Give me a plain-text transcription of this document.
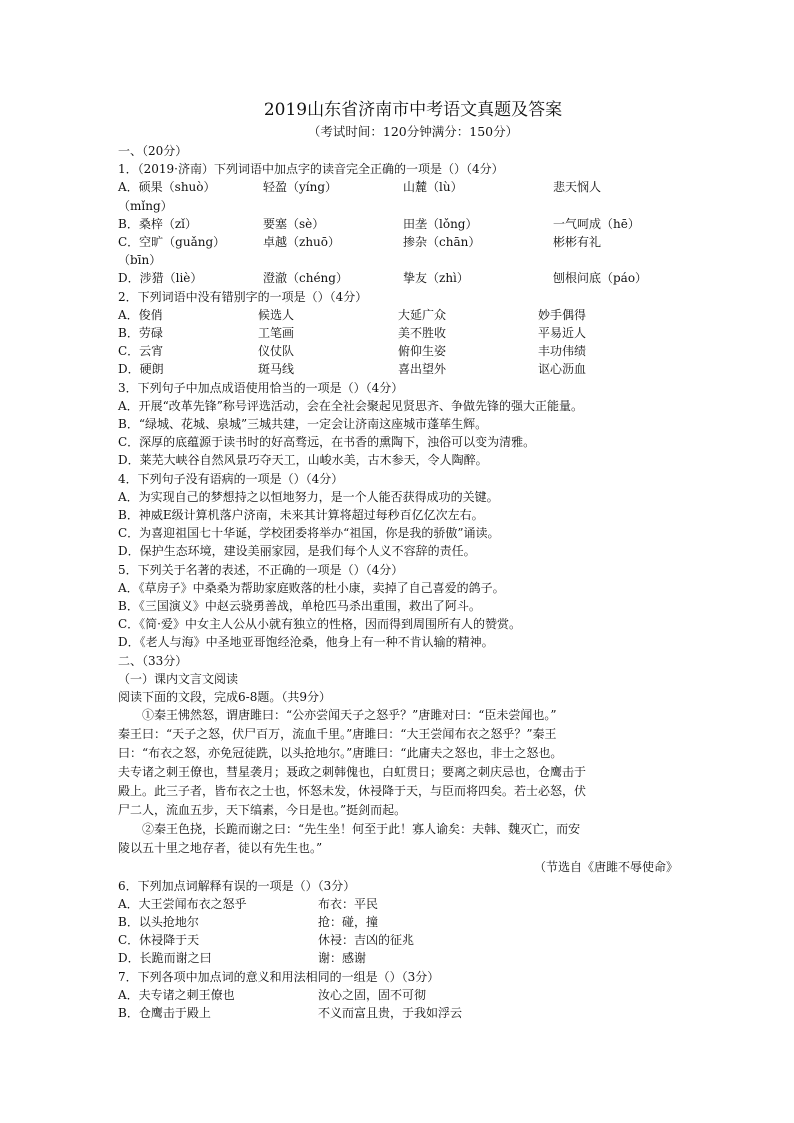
2019山东省济南市中考语文真题及答案
（考试时间：120分钟满分：150分）
一、（20分）
1．（2019·济南）下列词语中加点字的读音完全正确的一项是（）（4分）
A．硕果（shuò）	轻盈（yíng）	山麓（lù）	悲天悯人
（mǐng）
B．桑梓（zǐ）	要塞（sè）	田垄（lǒng）	一气呵成（hē）
C．空旷（guǎng）	卓越（zhuō）	掺杂（chān）	彬彬有礼
（bīn）
D．涉猎（liè）	澄澈（chéng）	挚友（zhì）	刨根问底（páo）
2．下列词语中没有错别字的一项是（）（4分）
A．俊俏	候选人	大延广众	妙手偶得
B．劳碌	工笔画	美不胜收	平易近人
C．云宵	仪仗队	俯仰生姿	丰功伟绩
D．硬朗	斑马线	喜出望外	讴心沥血
3．下列句子中加点成语使用恰当的一项是（）（4分）
A．开展“改革先锋”称号评选活动，会在全社会聚起见贤思齐、争做先锋的强大正能量。
B．“绿城、花城、泉城”三城共建，一定会让济南这座城市蓬荜生辉。
C．深厚的底蕴源于读书时的好高骛远，在书香的熏陶下，浊俗可以变为清雅。
D．莱芜大峡谷自然风景巧夺天工，山峻水美，古木参天，令人陶醉。
4．下列句子没有语病的一项是（）（4分）
A．为实现自己的梦想持之以恒地努力，是一个人能否获得成功的关键。
B．神威E级计算机落户济南，未来其计算将超过每秒百亿亿次左右。
C．为喜迎祖国七十华诞，学校团委将举办“祖国，你是我的骄傲”诵读。
D．保护生态环境，建设美丽家园，是我们每个人义不容辞的责任。
5．下列关于名著的表述，不正确的一项是（）（4分）
A．《草房子》中桑桑为帮助家庭败落的杜小康，卖掉了自己喜爱的鸽子。
B．《三国演义》中赵云骁勇善战，单枪匹马杀出重围，救出了阿斗。
C．《简·爱》中女主人公从小就有独立的性格，因而得到周围所有人的赞赏。
D．《老人与海》中圣地亚哥饱经沧桑，他身上有一种不肯认输的精神。
二、（33分）
（一）课内文言文阅读
阅读下面的文段，完成6-8题。（共9分）
①秦王怫然怒，谓唐雎曰：“公亦尝闻天子之怒乎？”唐雎对曰：“臣未尝闻也。”
秦王曰：“天子之怒，伏尸百万，流血千里。”唐雎曰：“大王尝闻布衣之怒乎？”秦王
曰：“布衣之怒，亦免冠徒跣，以头抢地尔。”唐雎曰：“此庸夫之怒也，非士之怒也。
夫专诸之刺王僚也，彗星袭月；聂政之刺韩傀也，白虹贯日；要离之刺庆忌也，仓鹰击于
殿上。此三子者，皆布衣之士也，怀怒未发，休祲降于天，与臣而将四矣。若士必怒，伏
尸二人，流血五步，天下缟素，今日是也。”挺剑而起。
②秦王色挠，长跪而谢之曰：“先生坐！何至于此！寡人谕矣：夫韩、魏灭亡，而安
陵以五十里之地存者，徒以有先生也。”
（节选自《唐雎不辱使命》
6．下列加点词解释有误的一项是（）（3分）
A．大王尝闻布衣之怒乎	布衣：平民
B．以头抢地尔	抢：碰，撞
C．休祲降于天	休祲：吉凶的征兆
D．长跪而谢之曰	谢：感谢
7．下列各项中加点词的意义和用法相同的一组是（）（3分）
A．夫专诸之刺王僚也	汝心之固，固不可彻
B．仓鹰击于殿上	不义而富且贵，于我如浮云
